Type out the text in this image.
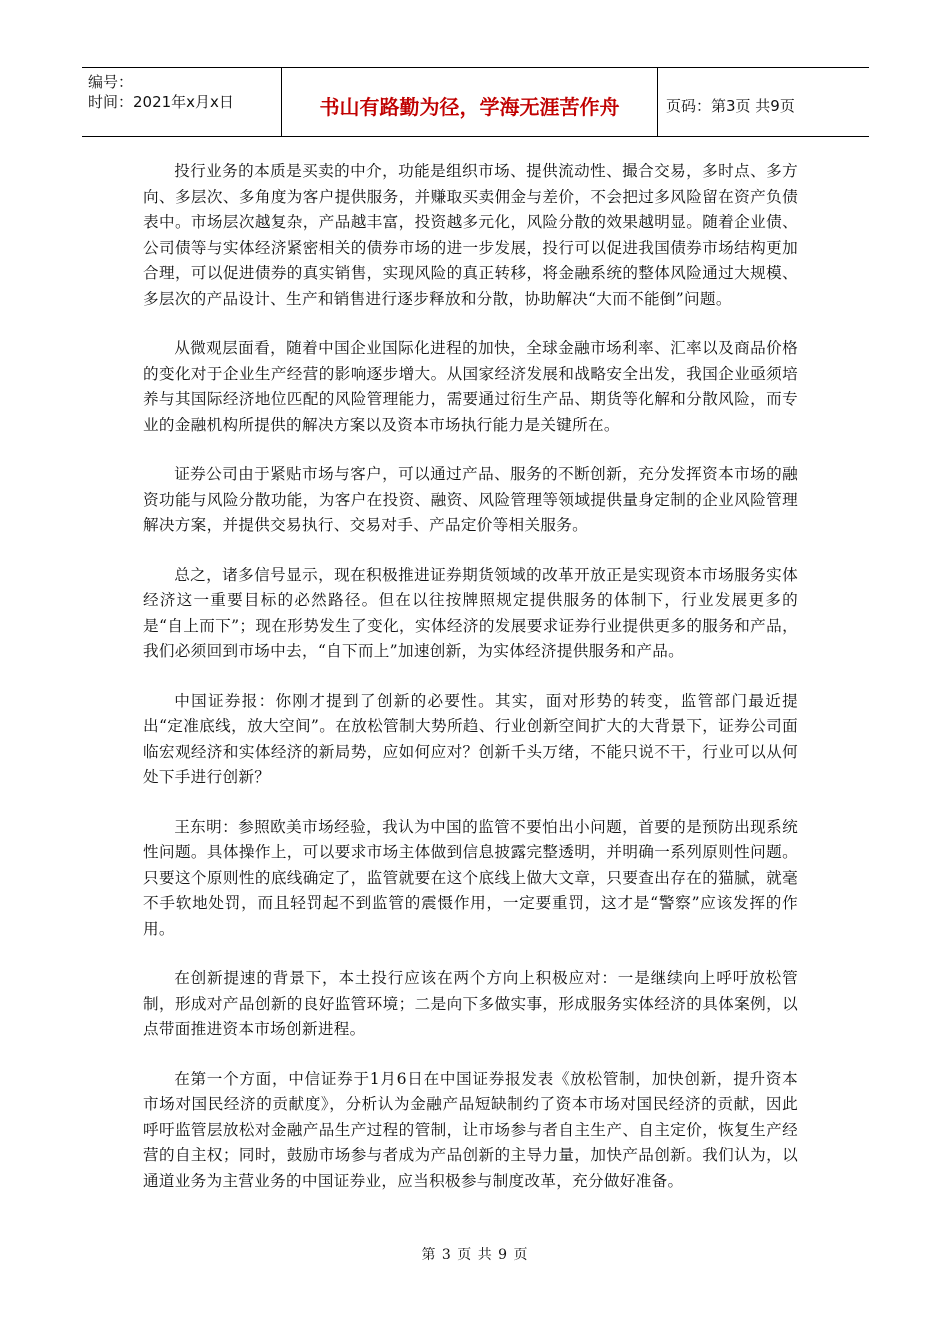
编号：
时间：2021年x月x日	书山有路勤为径，学海无涯苦作舟	页码：第3页 共9页

投行业务的本质是买卖的中介，功能是组织市场、提供流动性、撮合交易，多时点、多方向、多层次、多角度为客户提供服务，并赚取买卖佣金与差价，不会把过多风险留在资产负债表中。市场层次越复杂，产品越丰富，投资越多元化，风险分散的效果越明显。随着企业债、公司债等与实体经济紧密相关的债券市场的进一步发展，投行可以促进我国债券市场结构更加合理，可以促进债券的真实销售，实现风险的真正转移，将金融系统的整体风险通过大规模、多层次的产品设计、生产和销售进行逐步释放和分散，协助解决“大而不能倒”问题。

从微观层面看，随着中国企业国际化进程的加快，全球金融市场利率、汇率以及商品价格的变化对于企业生产经营的影响逐步增大。从国家经济发展和战略安全出发，我国企业亟须培养与其国际经济地位匹配的风险管理能力，需要通过衍生产品、期货等化解和分散风险，而专业的金融机构所提供的解决方案以及资本市场执行能力是关键所在。

证券公司由于紧贴市场与客户，可以通过产品、服务的不断创新，充分发挥资本市场的融资功能与风险分散功能，为客户在投资、融资、风险管理等领域提供量身定制的企业风险管理解决方案，并提供交易执行、交易对手、产品定价等相关服务。

总之，诸多信号显示，现在积极推进证券期货领域的改革开放正是实现资本市场服务实体经济这一重要目标的必然路径。但在以往按牌照规定提供服务的体制下，行业发展更多的是“自上而下”；现在形势发生了变化，实体经济的发展要求证券行业提供更多的服务和产品，我们必须回到市场中去，“自下而上”加速创新，为实体经济提供服务和产品。

中国证券报：你刚才提到了创新的必要性。其实，面对形势的转变，监管部门最近提出“定准底线，放大空间”。在放松管制大势所趋、行业创新空间扩大的大背景下，证券公司面临宏观经济和实体经济的新局势，应如何应对？创新千头万绪，不能只说不干，行业可以从何处下手进行创新？

王东明：参照欧美市场经验，我认为中国的监管不要怕出小问题，首要的是预防出现系统性问题。具体操作上，可以要求市场主体做到信息披露完整透明，并明确一系列原则性问题。只要这个原则性的底线确定了，监管就要在这个底线上做大文章，只要查出存在的猫腻，就毫不手软地处罚，而且轻罚起不到监管的震慑作用，一定要重罚，这才是“警察”应该发挥的作用。

在创新提速的背景下，本土投行应该在两个方向上积极应对：一是继续向上呼吁放松管制，形成对产品创新的良好监管环境；二是向下多做实事，形成服务实体经济的具体案例，以点带面推进资本市场创新进程。

在第一个方面，中信证券于1月6日在中国证券报发表《放松管制，加快创新，提升资本市场对国民经济的贡献度》，分析认为金融产品短缺制约了资本市场对国民经济的贡献，因此呼吁监管层放松对金融产品生产过程的管制，让市场参与者自主生产、自主定价，恢复生产经营的自主权；同时，鼓励市场参与者成为产品创新的主导力量，加快产品创新。我们认为，以通道业务为主营业务的中国证券业，应当积极参与制度改革，充分做好准备。

第 3 页 共 9 页
